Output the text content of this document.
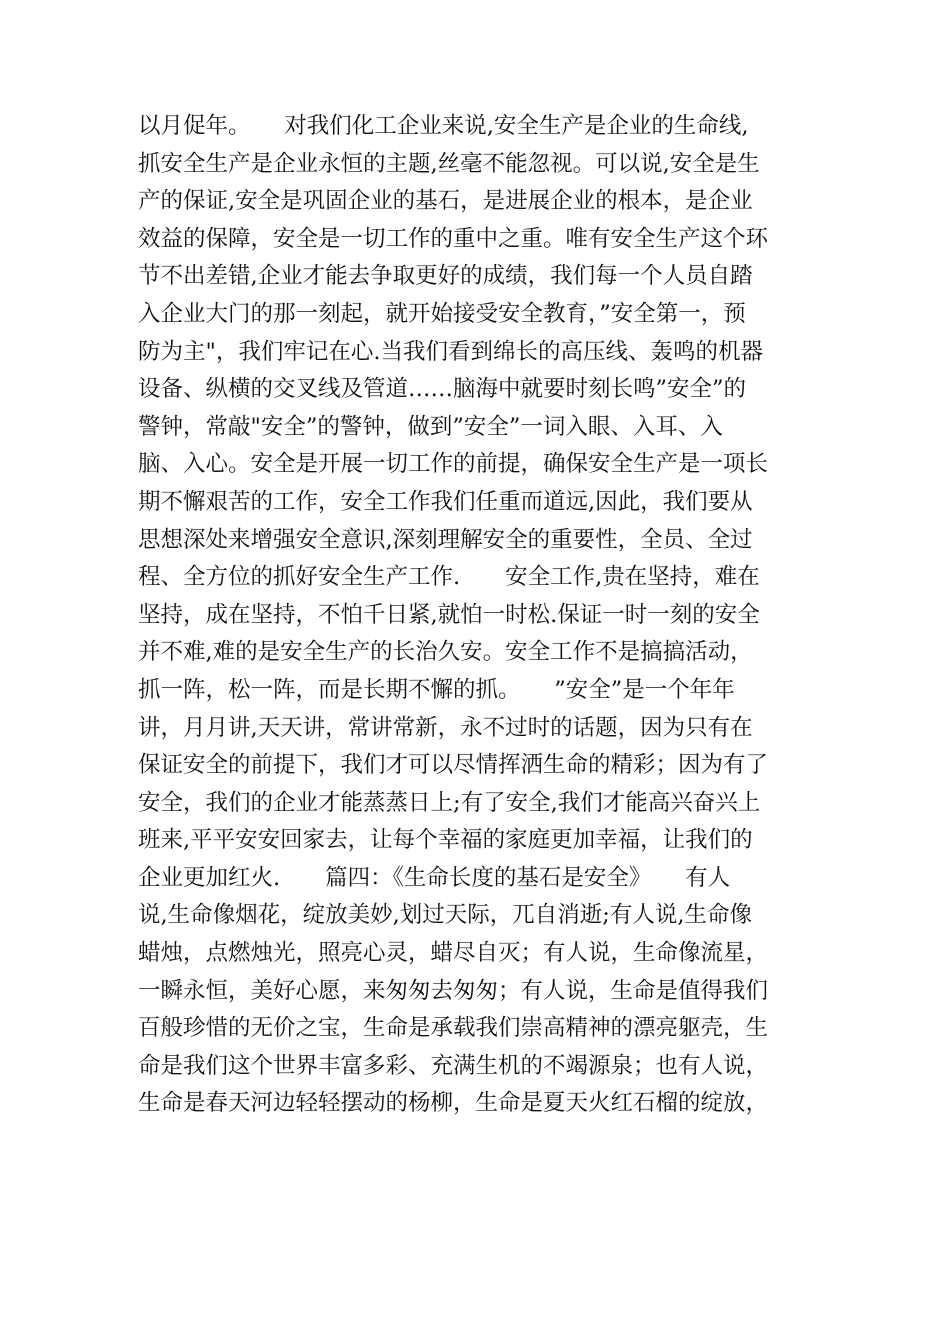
以月促年。　　对我们化工企业来说,安全生产是企业的生命线,
抓安全生产是企业永恒的主题,丝毫不能忽视。可以说,安全是生
产的保证,安全是巩固企业的基石，是进展企业的根本，是企业
效益的保障，安全是一切工作的重中之重。唯有安全生产这个环
节不出差错,企业才能去争取更好的成绩，我们每一个人员自踏
入企业大门的那一刻起，就开始接受安全教育，”安全第一，预
防为主"，我们牢记在心.当我们看到绵长的高压线、轰鸣的机器
设备、纵横的交叉线及管道……脑海中就要时刻长鸣”安全”的
警钟，常敲"安全”的警钟，做到”安全”一词入眼、入耳、入
脑、入心。安全是开展一切工作的前提，确保安全生产是一项长
期不懈艰苦的工作，安全工作我们任重而道远,因此，我们要从
思想深处来增强安全意识,深刻理解安全的重要性，全员、全过
程、全方位的抓好安全生产工作.　　安全工作,贵在坚持，难在
坚持，成在坚持，不怕千日紧,就怕一时松.保证一时一刻的安全
并不难,难的是安全生产的长治久安。安全工作不是搞搞活动，
抓一阵，松一阵，而是长期不懈的抓。　　”安全”是一个年年
讲，月月讲,天天讲，常讲常新，永不过时的话题，因为只有在
保证安全的前提下，我们才可以尽情挥洒生命的精彩；因为有了
安全，我们的企业才能蒸蒸日上;有了安全,我们才能高兴奋兴上
班来,平平安安回家去，让每个幸福的家庭更加幸福，让我们的
企业更加红火.　　篇四：《生命长度的基石是安全》　　有人
说,生命像烟花，绽放美妙,划过天际，兀自消逝;有人说,生命像
蜡烛，点燃烛光，照亮心灵，蜡尽自灭；有人说，生命像流星，
一瞬永恒，美好心愿，来匆匆去匆匆；有人说，生命是值得我们
百般珍惜的无价之宝，生命是承载我们崇高精神的漂亮躯壳，生
命是我们这个世界丰富多彩、充满生机的不竭源泉；也有人说，
生命是春天河边轻轻摆动的杨柳，生命是夏天火红石榴的绽放，
